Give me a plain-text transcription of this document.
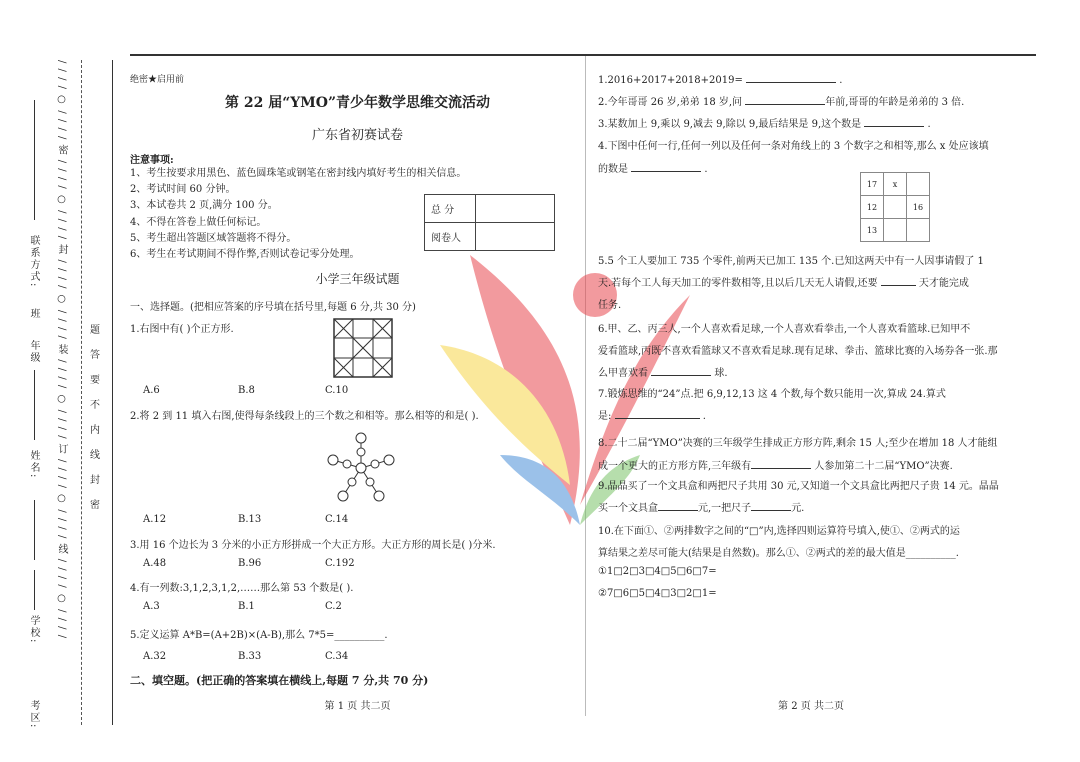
学校:
考区:
姓名:
年级
班
联系方式: / / / / ○ / / / / 密 / / / / ○ / / / / 封 / / / / ○ / / / / 装 / / / / ○ / / / / 订 / / / / ○ / / / / 线 / / / / ○ / / / / 题
答
要
不
内
线
封
密
绝密★启用前
第 22 届“YMO”青少年数学思维交流活动
广东省初赛试卷
注意事项:
1、考生按要求用黑色、蓝色圆珠笔或钢笔在密封线内填好考生的相关信息。
2、考试时间 60 分钟。
3、本试卷共 2 页,满分 100 分。
4、不得在答卷上做任何标记。
5、考生超出答题区域答题将不得分。
6、考生在考试期间不得作弊,否则试卷记零分处理。
总 分	
阅卷人	
小学三年级试题
一、选择题。(把相应答案的序号填在括号里,每题 6 分,共 30 分)
1.右图中有( )个正方形.
A.6	B.8	C.10
2.将 2 到 11 填入右图,使得每条线段上的三个数之和相等。那么相等的和是( ).
A.12	B.13	C.14
3.用 16 个边长为 3 分米的小正方形拼成一个大正方形。大正方形的周长是( )分米.
A.48	B.96	C.192
4.有一列数:3,1,2,3,1,2,……那么第 53 个数是( ).
A.3	B.1	C.2
5.定义运算 A*B=(A+2B)×(A-B),那么 7*5=__________.
A.32	B.33	C.34
二、填空题。(把正确的答案填在横线上,每题 7 分,共 70 分)
第 1 页 共二页
1.2016+2017+2018+2019=	.
2.今年哥哥 26 岁,弟弟 18 岁,问	年前,哥哥的年龄是弟弟的 3 倍.
3.某数加上 9,乘以 9,减去 9,除以 9,最后结果是 9,这个数是	.
4.下图中任何一行,任何一列以及任何一条对角线上的 3 个数字之和相等,那么 x 处应该填
的数是	.
17	x	
12		16
13		
5.5 个工人要加工 735 个零件,前两天已加工 135 个.已知这两天中有一人因事请假了 1
天.若每个工人每天加工的零件数相等,且以后几天无人请假,还要	天才能完成
任务.
6.甲、乙、丙三人,一个人喜欢看足球,一个人喜欢看拳击,一个人喜欢看篮球.已知甲不
爱看篮球,丙既不喜欢看篮球又不喜欢看足球.现有足球、拳击、篮球比赛的入场券各一张.那
么甲喜欢看	球.
7.锻炼思维的“24”点.把 6,9,12,13 这 4 个数,每个数只能用一次,算成 24.算式
是:	.
8.二十二届“YMO”决赛的三年级学生排成正方形方阵,剩余 15 人;至少在增加 18 人才能组
成一个更大的正方形方阵,三年级有	人参加第二十二届“YMO”决赛.
9.晶晶买了一个文具盒和两把尺子共用 30 元,又知道一个文具盒比两把尺子贵 14 元。晶晶
买一个文具盒	元,一把尺子	元.
10.在下面①、②两排数字之间的“□”内,选择四则运算符号填入,使①、②两式的运
算结果之差尽可能大(结果是自然数)。那么①、②两式的差的最大值是__________.
①1□2□3□4□5□6□7=
②7□6□5□4□3□2□1=
第 2 页 共二页
